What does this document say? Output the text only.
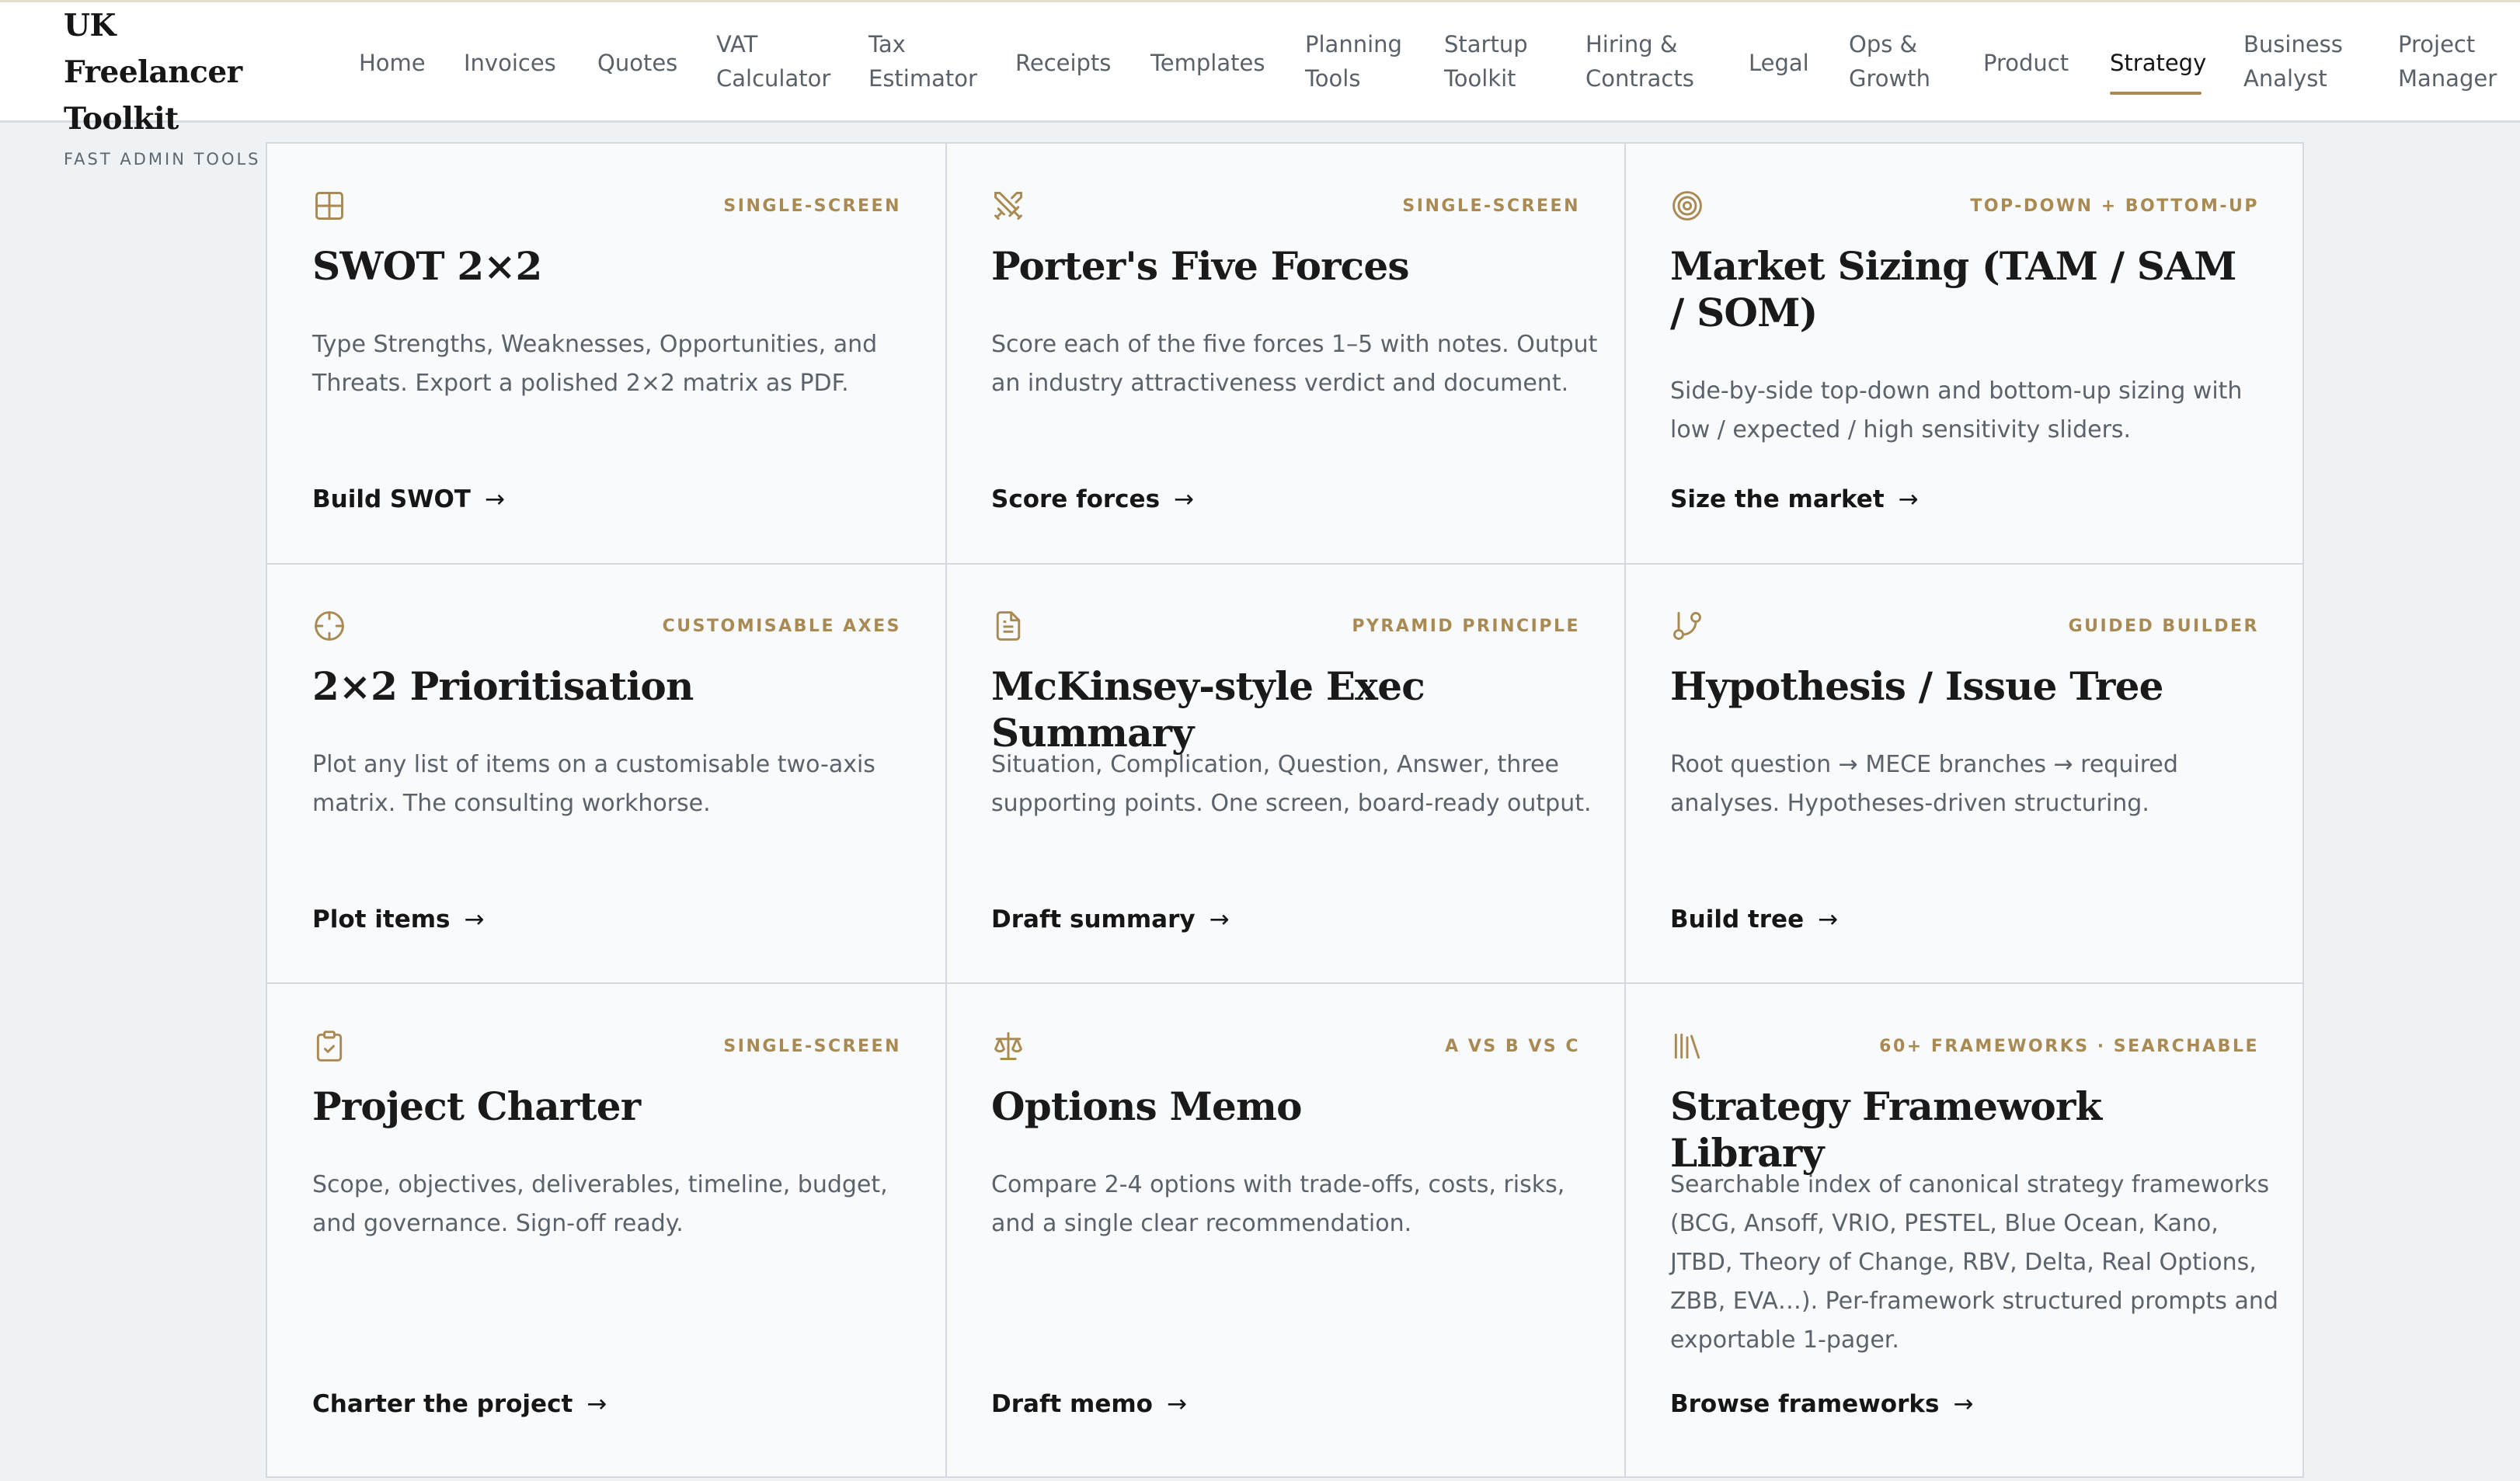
UK Freelancer Toolkit
FAST ADMIN TOOLS
Home Invoices Quotes
VAT Calculator
Tax Estimator
Receipts Templates
Planning Tools
Startup Toolkit
Hiring & Contracts
Legal
Ops & Growth
Product Strategy
Business Analyst
Project Manager
SINGLE-SCREEN
SWOT 2×2

Type Strengths, Weaknesses, Opportunities, and Threats. Export a polished 2×2 matrix as PDF.

Build SWOT →
SINGLE-SCREEN
Porter's Five Forces

Score each of the five forces 1–5 with notes. Output an industry attractiveness verdict and document.

Score forces →
TOP-DOWN + BOTTOM-UP
Market Sizing (TAM / SAM / SOM)

Side-by-side top-down and bottom-up sizing with low / expected / high sensitivity sliders.

Size the market →
CUSTOMISABLE AXES
2×2 Prioritisation

Plot any list of items on a customisable two-axis matrix. The consulting workhorse.

Plot items →
PYRAMID PRINCIPLE
McKinsey-style Exec Summary

Situation, Complication, Question, Answer, three supporting points. One screen, board-ready output.

Draft summary →
GUIDED BUILDER
Hypothesis / Issue Tree

Root question → MECE branches → required analyses. Hypotheses-driven structuring.

Build tree →
SINGLE-SCREEN
Project Charter

Scope, objectives, deliverables, timeline, budget, and governance. Sign-off ready.

Charter the project →
A VS B VS C
Options Memo

Compare 2-4 options with trade-offs, costs, risks, and a single clear recommendation.

Draft memo →
60+ FRAMEWORKS · SEARCHABLE
Strategy Framework Library

Searchable index of canonical strategy frameworks (BCG, Ansoff, VRIO, PESTEL, Blue Ocean, Kano, JTBD, Theory of Change, RBV, Delta, Real Options, ZBB, EVA…). Per-framework structured prompts and exportable 1-pager.

Browse frameworks →
